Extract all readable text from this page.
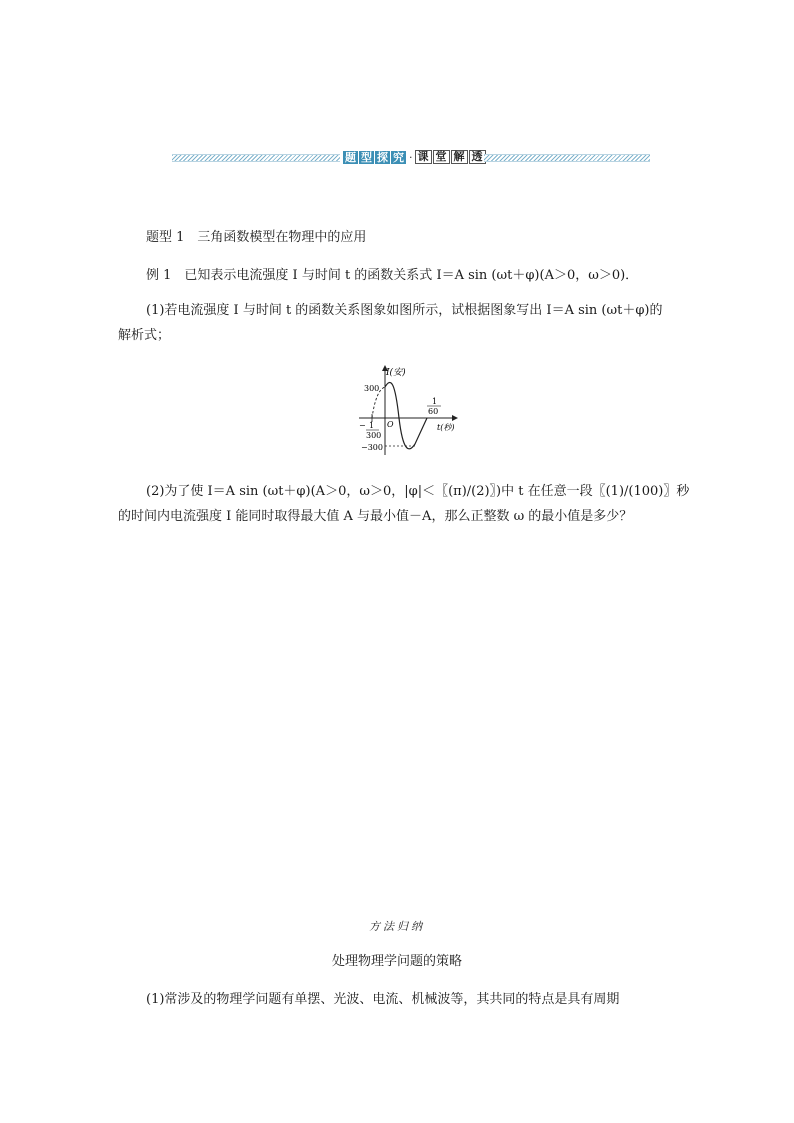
题 型 探 究 · 课 堂 解 透
题型 1　三角函数模型在物理中的应用
例 1　 已知表示电流强度 I 与时间 t 的函数关系式 I＝A sin (ωt＋φ)(A＞0，ω＞0)．
(1)若电流强度 I 与时间 t 的函数关系图象如图所示，试根据图象写出 I＝A sin (ωt＋φ)的
解析式；
I(安)
300
−300
O	t(秒)
− 1
300
1
60
(2)为了使 I＝A sin (ωt＋φ)(A＞0，ω＞0，|φ|＜〖(π)/(2)〗)中 t 在任意一段〖(1)/(100)〗秒
的时间内电流强度 I 能同时取得最大值 A 与最小值－A，那么正整数 ω 的最小值是多少？
方法归纳
处理物理学问题的策略
(1)常涉及的物理学问题有单摆、光波、电流、机械波等，其共同的特点是具有周期
